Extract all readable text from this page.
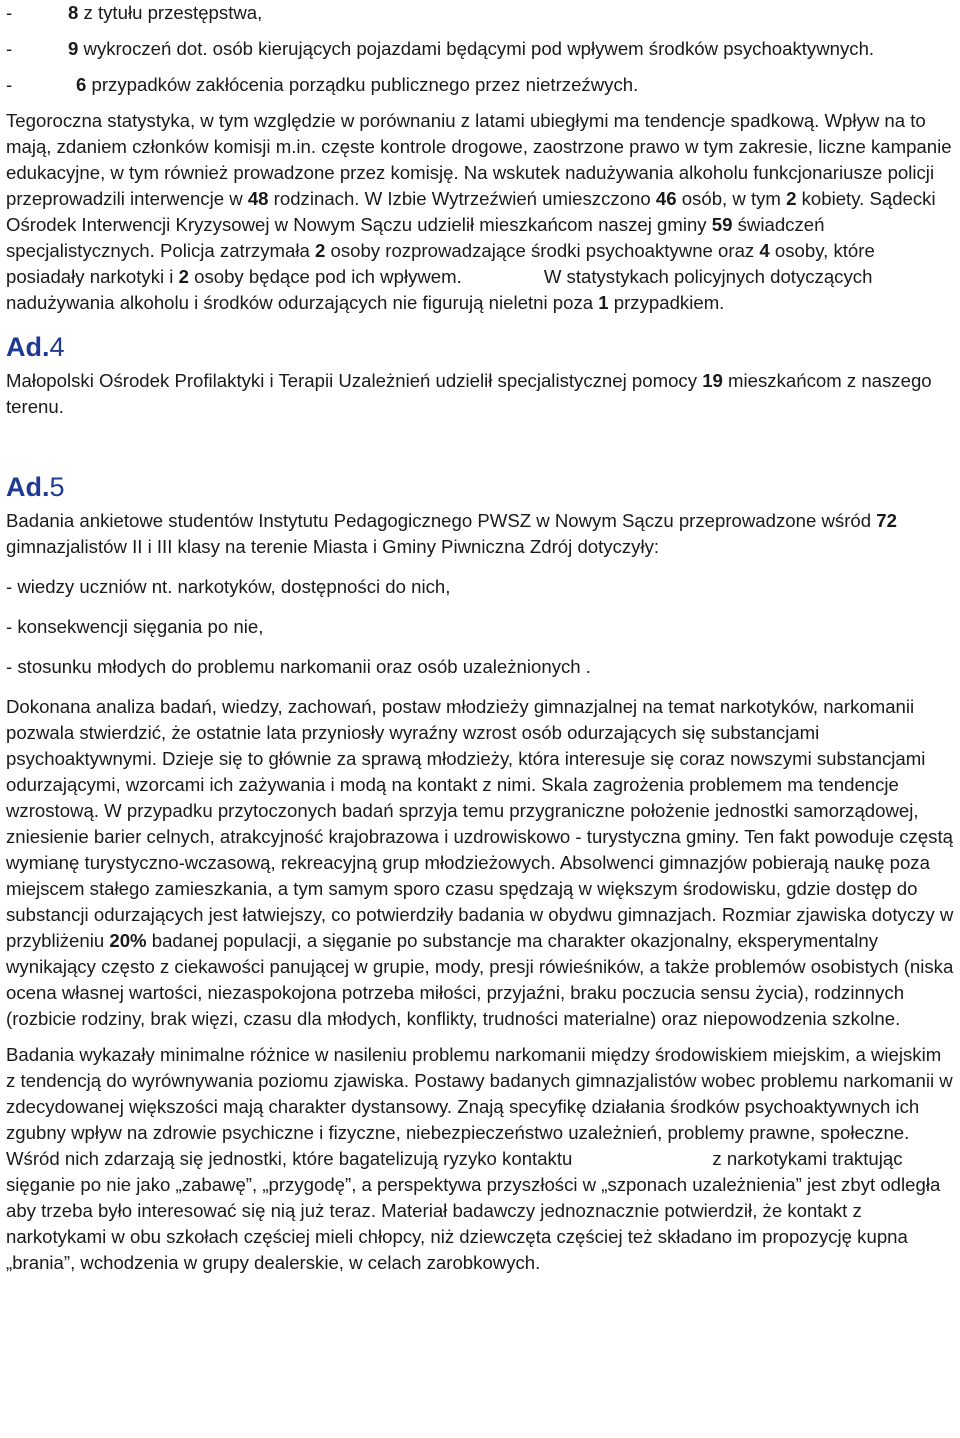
-	8 z tytułu przestępstwa,

-	9 wykroczeń dot. osób kierujących pojazdami będącymi pod wpływem środków psychoaktywnych.

-	6 przypadków zakłócenia porządku publicznego przez nietrzeźwych.

Tegoroczna statystyka, w tym względzie w porównaniu z latami ubiegłymi ma tendencje spadkową. Wpływ na to mają, zdaniem członków komisji m.in. częste kontrole drogowe, zaostrzone prawo w tym zakresie, liczne kampanie edukacyjne, w tym również prowadzone przez komisję. Na wskutek nadużywania alkoholu funkcjonariusze policji przeprowadzili interwencje w 48 rodzinach. W Izbie Wytrzeźwień umieszczono 46 osób, w tym 2 kobiety. Sądecki Ośrodek Interwencji Kryzysowej w Nowym Sączu udzielił mieszkańcom naszej gminy 59 świadczeń specjalistycznych. Policja zatrzymała 2 osoby rozprowadzające środki psychoaktywne oraz 4 osoby, które posiadały narkotyki i 2 osoby będące pod ich wpływem.	W statystykach policyjnych dotyczących nadużywania alkoholu i środków odurzających nie figurują nieletni poza 1 przypadkiem.

Ad.4

Małopolski Ośrodek Profilaktyki i Terapii Uzależnień udzielił specjalistycznej pomocy 19 mieszkańcom z naszego terenu.

Ad.5

Badania ankietowe studentów Instytutu Pedagogicznego PWSZ w Nowym Sączu przeprowadzone wśród 72 gimnazjalistów II i III klasy na terenie Miasta i Gminy Piwniczna Zdrój dotyczyły:

- wiedzy uczniów nt. narkotyków, dostępności do nich,

- konsekwencji sięgania po nie,

- stosunku młodych do problemu narkomanii oraz osób uzależnionych .

Dokonana analiza badań, wiedzy, zachowań, postaw młodzieży gimnazjalnej na temat narkotyków, narkomanii pozwala stwierdzić, że ostatnie lata przyniosły wyraźny wzrost osób odurzających się substancjami psychoaktywnymi. Dzieje się to głównie za sprawą młodzieży, która interesuje się coraz nowszymi substancjami odurzającymi, wzorcami ich zażywania i modą na kontakt z nimi. Skala zagrożenia problemem ma tendencje wzrostową. W przypadku przytoczonych badań sprzyja temu przygraniczne położenie jednostki samorządowej, zniesienie barier celnych, atrakcyjność krajobrazowa i uzdrowiskowo - turystyczna gminy. Ten fakt powoduje częstą wymianę turystyczno-wczasową, rekreacyjną grup młodzieżowych. Absolwenci gimnazjów pobierają naukę poza miejscem stałego zamieszkania, a tym samym sporo czasu spędzają w większym środowisku, gdzie dostęp do substancji odurzających jest łatwiejszy, co potwierdziły badania w obydwu gimnazjach. Rozmiar zjawiska dotyczy w przybliżeniu 20% badanej populacji, a sięganie po substancje ma charakter okazjonalny, eksperymentalny wynikający często z ciekawości panującej w grupie, mody, presji rówieśników, a także problemów osobistych (niska ocena własnej wartości, niezaspokojona potrzeba miłości, przyjaźni, braku poczucia sensu życia), rodzinnych (rozbicie rodziny, brak więzi, czasu dla młodych, konflikty, trudności materialne) oraz niepowodzenia szkolne.

Badania wykazały minimalne różnice w nasileniu problemu narkomanii między środowiskiem miejskim, a wiejskim z tendencją do wyrównywania poziomu zjawiska. Postawy badanych gimnazjalistów wobec problemu narkomanii w zdecydowanej większości mają charakter dystansowy. Znają specyfikę działania środków psychoaktywnych ich zgubny wpływ na zdrowie psychiczne i fizyczne, niebezpieczeństwo uzależnień, problemy prawne, społeczne. Wśród nich zdarzają się jednostki, które bagatelizują ryzyko kontaktu	z narkotykami traktując sięganie po nie jako „zabawę”, „przygodę”, a perspektywa przyszłości w „szponach uzależnienia” jest zbyt odległa aby trzeba było interesować się nią już teraz. Materiał badawczy jednoznacznie potwierdził, że kontakt z narkotykami w obu szkołach częściej mieli chłopcy, niż dziewczęta częściej też składano im propozycję kupna „brania”, wchodzenia w grupy dealerskie, w celach zarobkowych.
